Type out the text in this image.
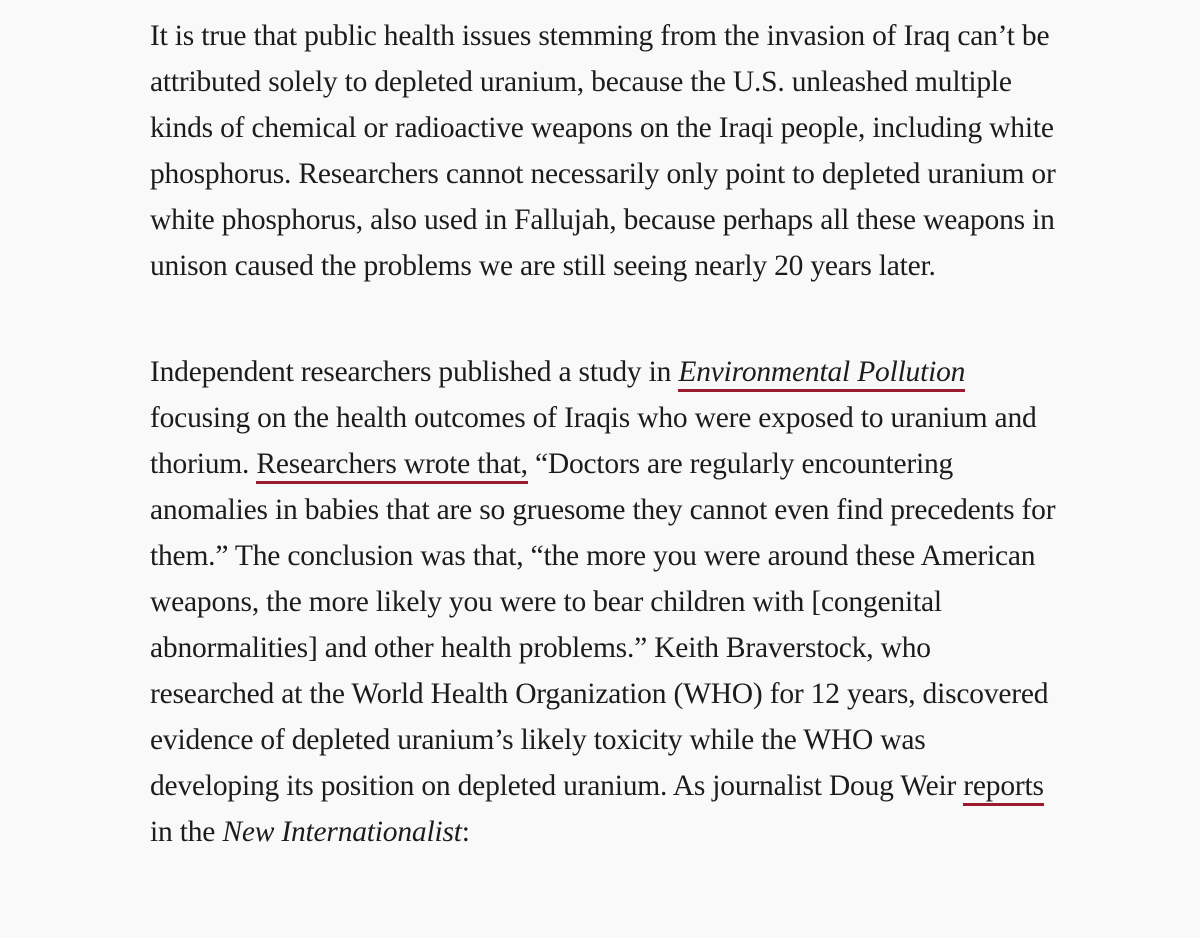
It is true that public health issues stemming from the invasion of Iraq can’t be attributed solely to depleted uranium, because the U.S. unleashed multiple kinds of chemical or radioactive weapons on the Iraqi people, including white phosphorus. Researchers cannot necessarily only point to depleted uranium or white phosphorus, also used in Fallujah, because perhaps all these weapons in unison caused the problems we are still seeing nearly 20 years later.

Independent researchers published a study in Environmental Pollution focusing on the health outcomes of Iraqis who were exposed to uranium and thorium. Researchers wrote that, “Doctors are regularly encountering anomalies in babies that are so gruesome they cannot even find precedents for them.” The conclusion was that, “the more you were around these American weapons, the more likely you were to bear children with [congenital abnormalities] and other health problems.” Keith Braverstock, who researched at the World Health Organization (WHO) for 12 years, discovered evidence of depleted uranium’s likely toxicity while the WHO was developing its position on depleted uranium. As journalist Doug Weir reports in the New Internationalist:
